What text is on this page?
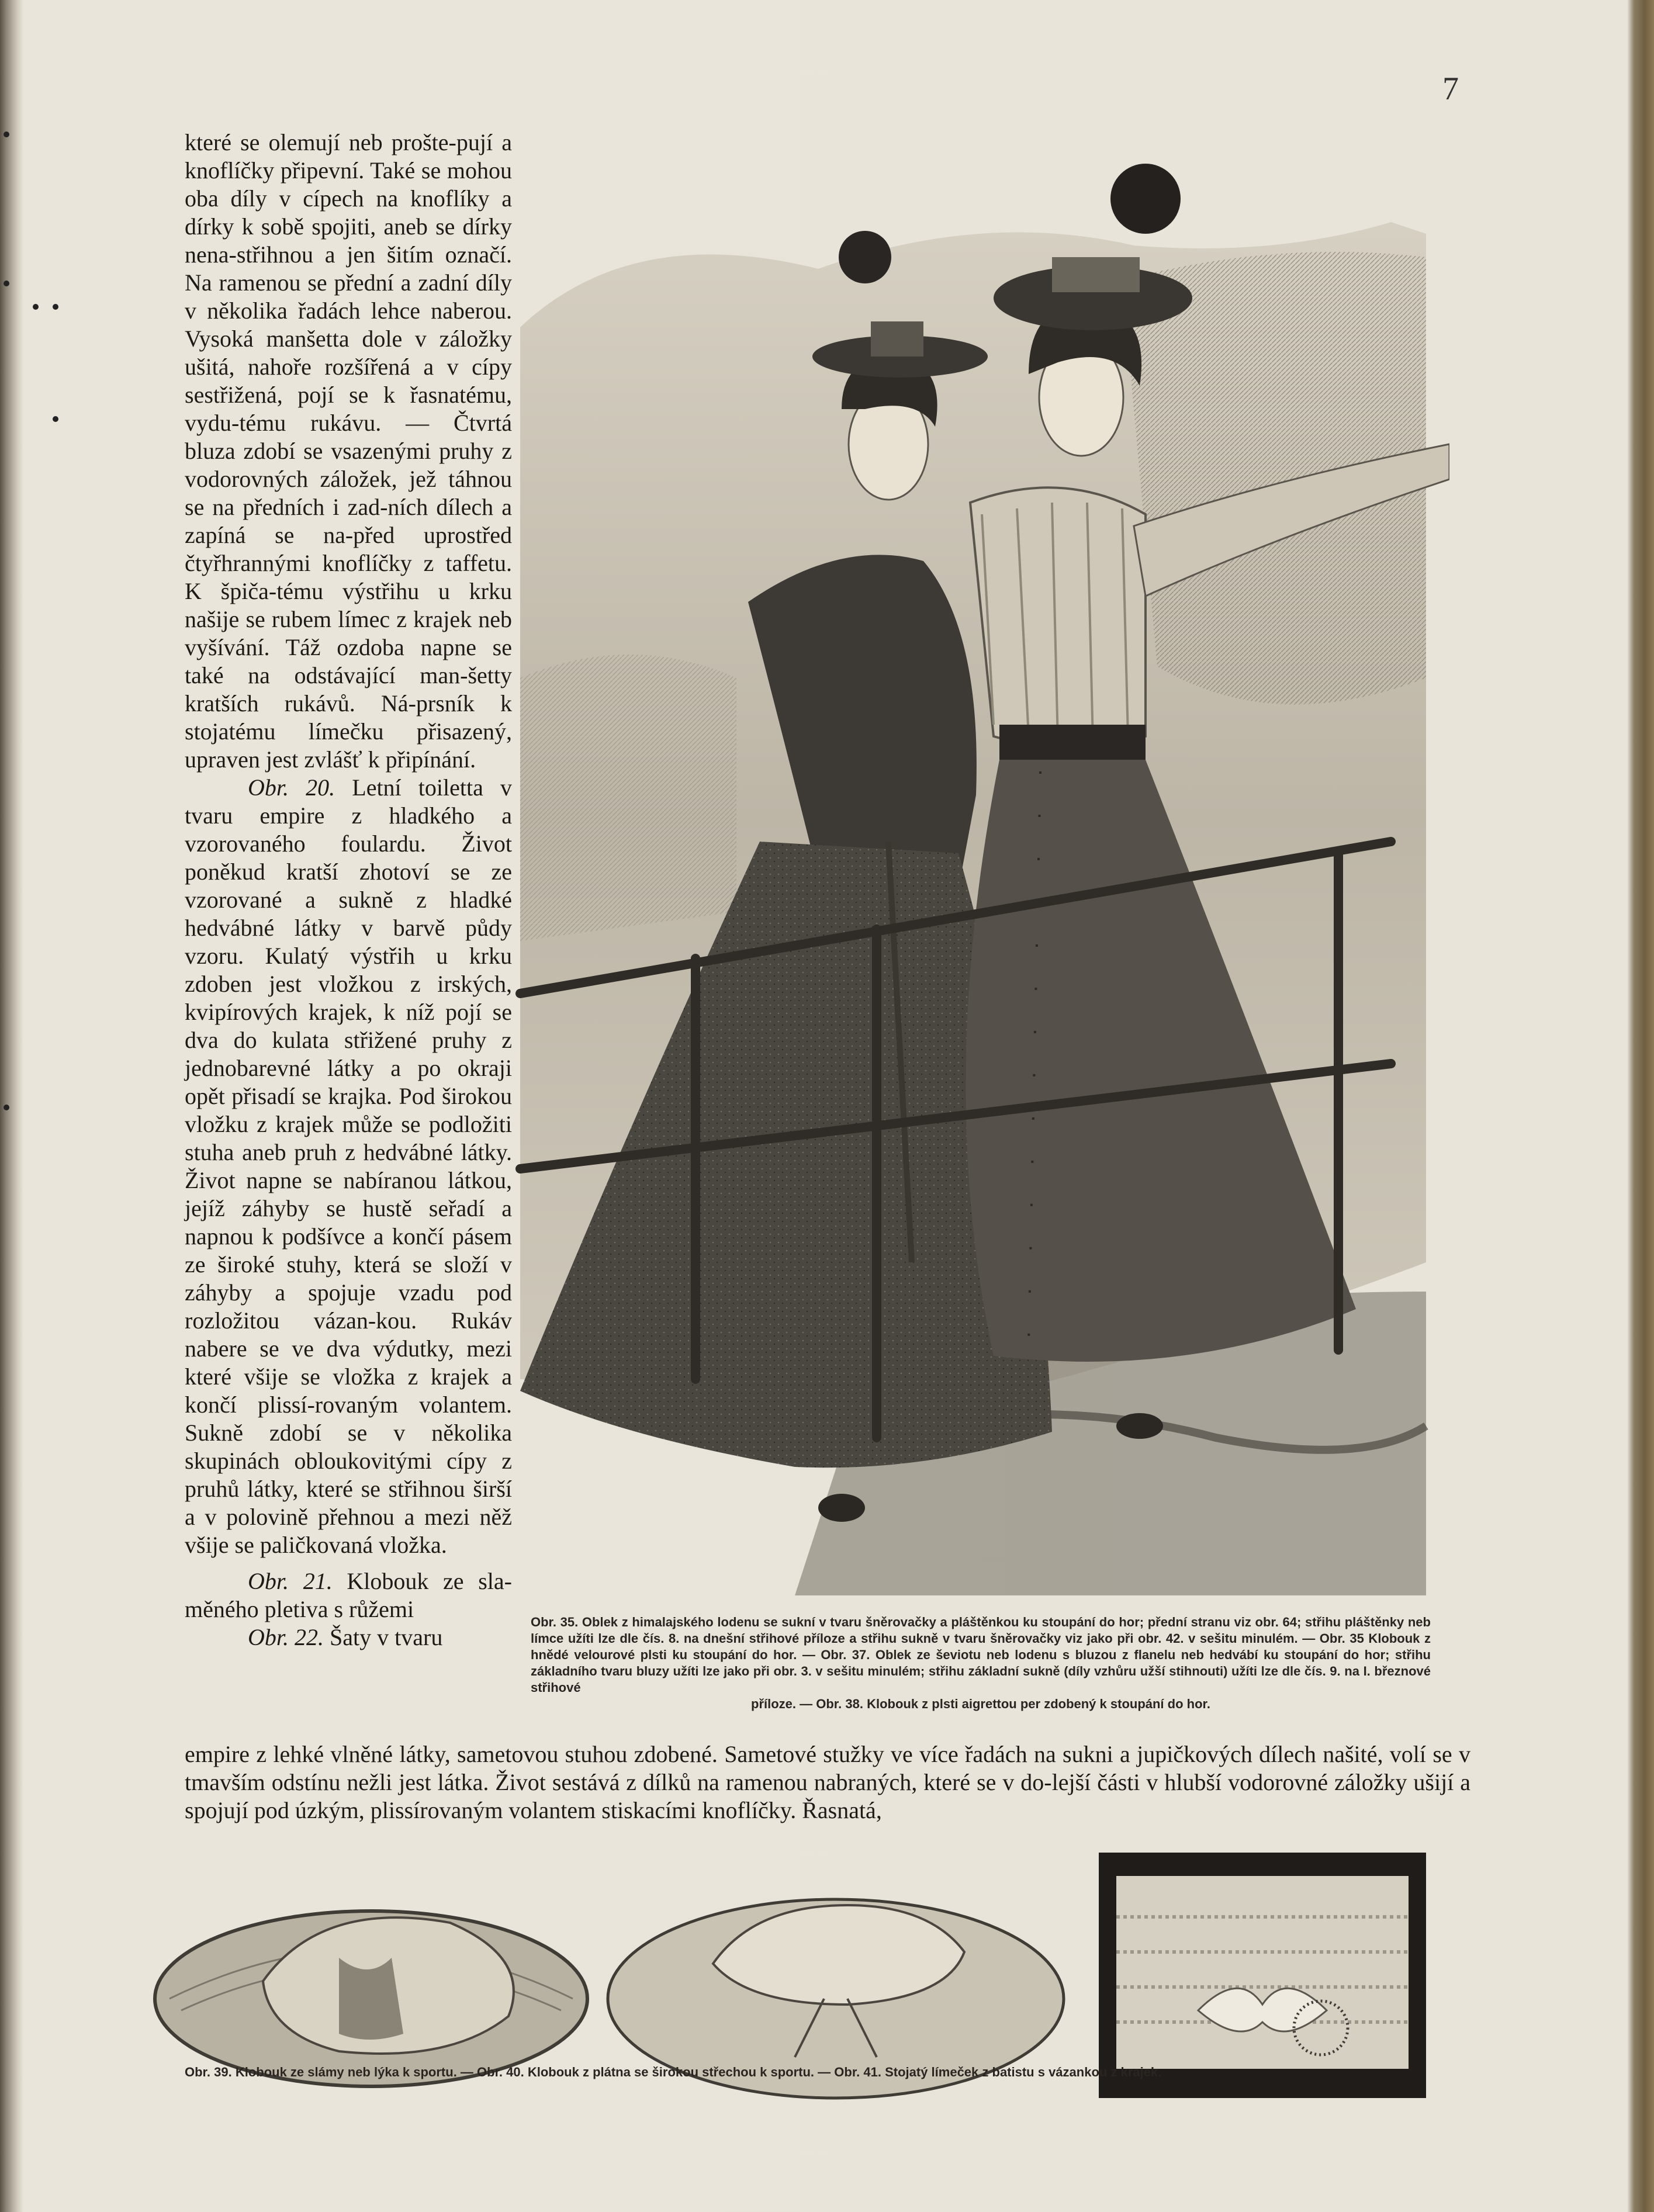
7

které se olemují neb prošte-pují a knoflíčky připevní. Také se mohou oba díly v cípech na knoflíky a dírky k sobě spojiti, aneb se dírky nena-střihnou a jen šitím označí. Na ramenou se přední a zadní díly v několika řadách lehce naberou. Vysoká manšetta dole v záložky ušitá, nahoře rozšířená a v cípy sestřižená, pojí se k řasnatému, vydu-tému rukávu. — Čtvrtá bluza zdobí se vsazenými pruhy z vodorovných záložek, jež táhnou se na předních i zad-ních dílech a zapíná se na-před uprostřed čtyřhrannými knoflíčky z taffetu. K špiča-tému výstřihu u krku našije se rubem límec z krajek neb vyšívání. Táž ozdoba napne se také na odstávající man-šetty kratších rukávů. Ná-prsník k stojatému límečku přisazený, upraven jest zvlášť k připínání.

Obr. 20. Letní toiletta v tvaru empire z hladkého a vzorovaného foulardu. Život poněkud kratší zhotoví se ze vzorované a sukně z hladké hedvábné látky v barvě půdy vzoru. Kulatý výstřih u krku zdoben jest vložkou z irských, kvipírových krajek, k níž pojí se dva do kulata střižené pruhy z jednobarevné látky a po okraji opět přisadí se krajka. Pod širokou vložku z krajek může se podložiti stuha aneb pruh z hedvábné látky. Život napne se nabíranou látkou, jejíž záhyby se hustě seřadí a napnou k podšívce a končí pásem ze široké stuhy, která se složí v záhyby a spojuje vzadu pod rozložitou vázan-kou. Rukáv nabere se ve dva výdutky, mezi které všije se vložka z krajek a končí plissí-rovaným volantem. Sukně zdobí se v několika skupinách obloukovitými cípy z pruhů látky, které se střihnou širší a v polovině přehnou a mezi něž všije se paličkovaná vložka.

Obr. 21. Klobouk ze sla-měného pletiva s růžemi

Obr. 22. Šaty v tvaru

Obr. 35. Oblek z himalajského lodenu se sukní v tvaru šněrovačky a pláštěnkou ku stoupání do hor; přední stranu viz obr. 64; střihu pláštěnky neb límce užíti lze dle čís. 8. na dnešní střihové příloze a střihu sukně v tvaru šněrovačky viz jako při obr. 42. v sešitu minulém. — Obr. 35 Klobouk z hnědé velourové plsti ku stoupání do hor. — Obr. 37. Oblek ze ševiotu neb lodenu s bluzou z flanelu neb hedvábí ku stoupání do hor; střihu základního tvaru bluzy užíti lze jako při obr. 3. v sešitu minulém; střihu základní sukně (díly vzhůru užší stihnouti) užíti lze dle čís. 9. na I. březnové střihové
příloze. — Obr. 38. Klobouk z plsti aigrettou per zdobený k stoupání do hor.
empire z lehké vlněné látky, sametovou stuhou zdobené. Sametové stužky ve více řadách na sukni a jupičkových dílech našité, volí se v tmavším odstínu nežli jest látka. Život sestává z dílků na ramenou nabraných, které se v do-lejší části v hlubší vodorovné záložky ušijí a spojují pod úzkým, plissírovaným volantem stiskacími knoflíčky. Řasnatá,
Obr. 39. Klobouk ze slámy neb lýka k sportu. — Obr. 40. Klobouk z plátna se širokou střechou k sportu. — Obr. 41. Stojatý límeček z batistu s vázankou z krajek.
